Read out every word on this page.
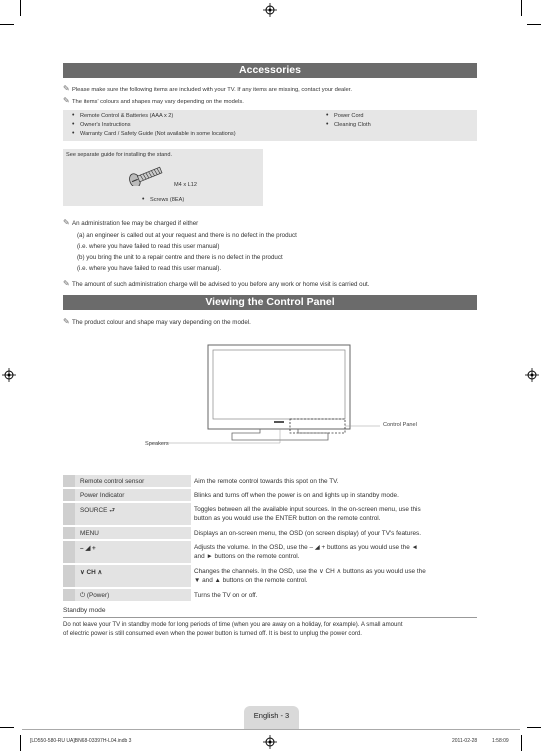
Accessories
✎ Please make sure the following items are included with your TV. If any items are missing, contact your dealer.
✎ The items' colours and shapes may vary depending on the models.
• Remote Control & Batteries (AAA x 2)
• Owner's Instructions
• Warranty Card / Safety Guide (Not available in some locations)
• Power Cord
• Cleaning Cloth
See separate guide for installing the stand.
M4 x L12
• Screws (8EA)
✎ An administration fee may be charged if either
(a) an engineer is called out at your request and there is no defect in the product
(i.e. where you have failed to read this user manual)
(b) you bring the unit to a repair centre and there is no defect in the product
(i.e. where you have failed to read this user manual).
✎ The amount of such administration charge will be advised to you before any work or home visit is carried out.
Viewing the Control Panel
✎ The product colour and shape may vary depending on the model.
Control Panel
Speakers
Remote control sensor	Aim the remote control towards this spot on the TV.
Power Indicator	Blinks and turns off when the power is on and lights up in standby mode.
SOURCE ⮐	Toggles between all the available input sources. In the on-screen menu, use this
button as you would use the ENTER button on the remote control.
MENU	Displays an on-screen menu, the OSD (on screen display) of your TV's features.
– ◢ +	Adjusts the volume. In the OSD, use the – ◢ + buttons as you would use the ◄
and ► buttons on the remote control.
∨ CH ∧	Changes the channels. In the OSD, use the ∨ CH ∧ buttons as you would use the
▼ and ▲ buttons on the remote control.
⏻ (Power)	Turns the TV on or off.
Standby mode
Do not leave your TV in standby mode for long periods of time (when you are away on a holiday, for example). A small amount
of electric power is still consumed even when the power button is turned off. It is best to unplug the power cord.
English - 3
[LD550-580-RU UA]BN68-03397H-L04.indb 3	2011-02-28	1:58:09
